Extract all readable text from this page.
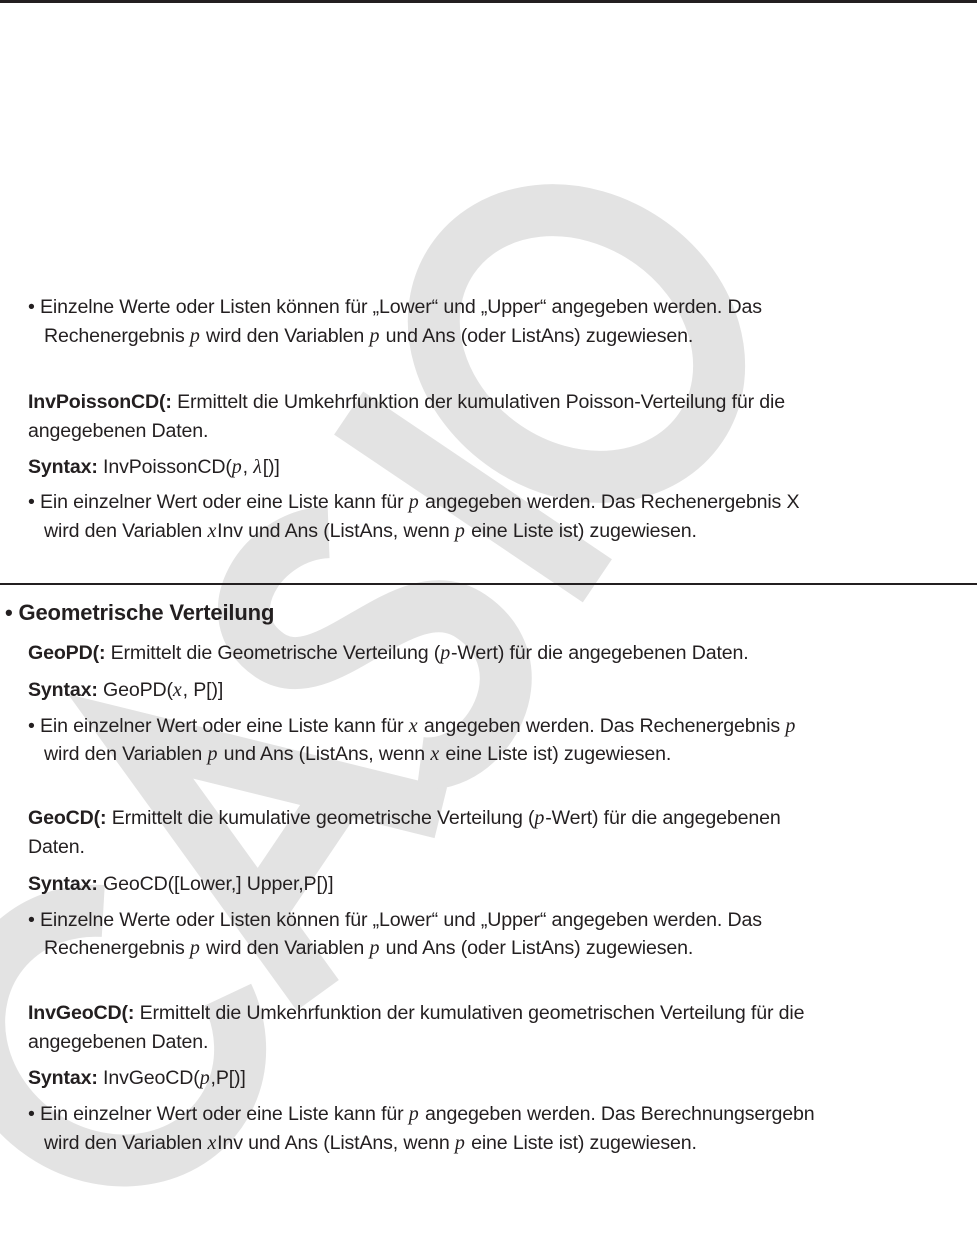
• Einzelne Werte oder Listen können für „Lower“ und „Upper“ angegeben werden. Das
Rechenergebnis p wird den Variablen p und Ans (oder ListAns) zugewiesen.
InvPoissonCD(: Ermittelt die Umkehrfunktion der kumulativen Poisson-Verteilung für die
angegebenen Daten.
Syntax: InvPoissonCD(p, λ[)]
• Ein einzelner Wert oder eine Liste kann für p angegeben werden. Das Rechenergebnis X
wird den Variablen xInv und Ans (ListAns, wenn p eine Liste ist) zugewiesen.
• Geometrische Verteilung
GeoPD(: Ermittelt die Geometrische Verteilung (p-Wert) für die angegebenen Daten.
Syntax: GeoPD(x, P[)]
• Ein einzelner Wert oder eine Liste kann für x angegeben werden. Das Rechenergebnis p
wird den Variablen p und Ans (ListAns, wenn x eine Liste ist) zugewiesen.
GeoCD(: Ermittelt die kumulative geometrische Verteilung (p-Wert) für die angegebenen
Daten.
Syntax: GeoCD([Lower,] Upper,P[)]
• Einzelne Werte oder Listen können für „Lower“ und „Upper“ angegeben werden. Das
Rechenergebnis p wird den Variablen p und Ans (oder ListAns) zugewiesen.
InvGeoCD(: Ermittelt die Umkehrfunktion der kumulativen geometrischen Verteilung für die
angegebenen Daten.
Syntax: InvGeoCD(p,P[)]
• Ein einzelner Wert oder eine Liste kann für p angegeben werden. Das Berechnungsergebn
wird den Variablen xInv und Ans (ListAns, wenn p eine Liste ist) zugewiesen.
